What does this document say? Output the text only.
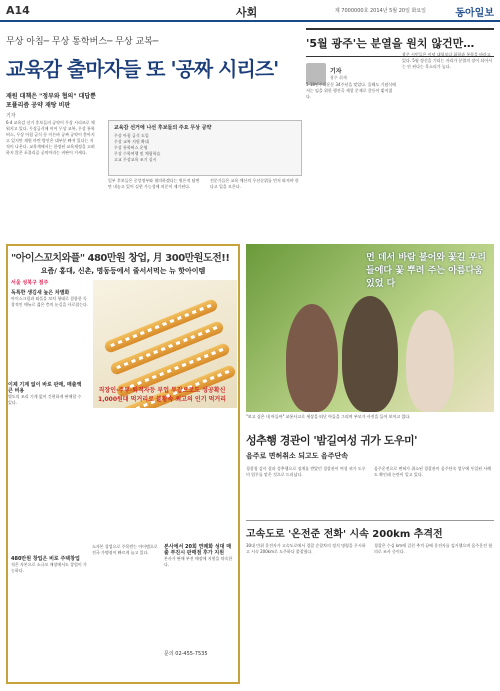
A14	사회	제 7000000호 2014년 5월 20일 화요일	동아일보
무상 아침─ 무상 통학버스─ 무상 교복─
교육감 출마자들 또 '공짜 시리즈'
재원 대책은 "정부와 협의" 대답뿐
포퓰리즘 공약 재탕 비판
기자
6·4 교육감 선거 후보들의 공약이 무상 시리즈로 채워지고 있다. 무상급식에 이어 무상 교복, 무상 통학버스, 무상 아침 급식 등 이른바 공짜 공약이 쏟아지고 있지만 재원 마련 방안은 대부분 빠져 있다는 지적이 나온다. 교육계에서는 한정된 교육재정을 고려하지 않은 포퓰리즘 공약이라는 비판이 거세다.
교육감 선거에 나선 후보들의 주요 무상 공약
무상 아침 급식 도입
무상 교복 지원 확대
무상 통학버스 운영
무상 수학여행 및 체험학습
고교 무상교육 조기 실시
일부 후보들은 중앙정부와 협의하겠다는 원론적 답변만 내놓고 있어 실현 가능성에 의문이 제기된다.
전문가들은 교육 예산의 우선순위를 먼저 따져야 한다고 입을 모은다.
'5월 광주'는 분열을 원치 않건만…
기자
광주 취재
5·18민주화운동 34주년을 맞았다. 올해도 기념식에서는 임을 위한 행진곡 제창 문제로 갈등이 빚어졌다.
광주 시민들은 이념 대립보다 화합과 통합을 바라고 있다. 5월 정신을 기리는 자리가 분열의 장이 되어서는 안 된다는 목소리가 높다.
"아이스꼬치와플" 480만원 창업, 月 300만원도전!!
요즘/ 홍대, 신촌, 명동등에서 줄서서먹는 뉴 핫아이템
서울 성북구 점주
독특한 생김새 높은 차별화
아이스크림과 와플을 꼬치 형태로 결합한 독창적인 메뉴로 젊은 층의 눈길을 사로잡는다.
이제 기계 없이 바로 판매, 매출액 큰 비용
별도의 조리 기계 없이 간편하게 판매할 수 있다.
직장인·주부·퇴직자등 부업 투잡으로도 성공확신 1,000원대 먹거리로 불황속 최고의 인기 먹거리
480만원 창업은 비로 주택창업
적은 자본으로 소규모 매장에서도 창업이 가능하다.
소자본 창업으로 주목받는 아이템으로 전국 가맹점이 빠르게 늘고 있다.
본사에서 20회 연례화 성대 매출 부진시 판매점 후가 지원
본사가 판매 부진 매장에 지원을 약속한다.
문의 02-455-7535
먼 데서 바람 불어와 꽃길 우리 들에다 꽃 뿌려 주는 아름다움 있었 다
"보고 싶은 내 아들아" 교통사고로 세상을 떠난 아들을 그리며 부모가 사진을 들어 보이고 있다.
성추행 경관이 '밤길여성 귀가 도우미'
음주로 면허취소 되고도 음주단속
경찰청 감사 결과 성추행으로 징계를 받았던 경찰관이 여성 귀가 도우미 업무를 맡은 것으로 드러났다.
음주운전으로 면허가 취소된 경찰관이 음주단속 업무에 투입된 사례도 확인돼 논란이 일고 있다.
고속도로 '온전준 전화' 시속 200km 추격전
30대 만취 운전자가 고속도로에서 경찰 순찰차의 정지 명령을 무시하고 시속 200km로 도주하다 붙잡혔다.
경찰은 수십 km에 걸친 추격 끝에 운전자를 검거했으며 음주운전 혐의로 조사 중이다.
